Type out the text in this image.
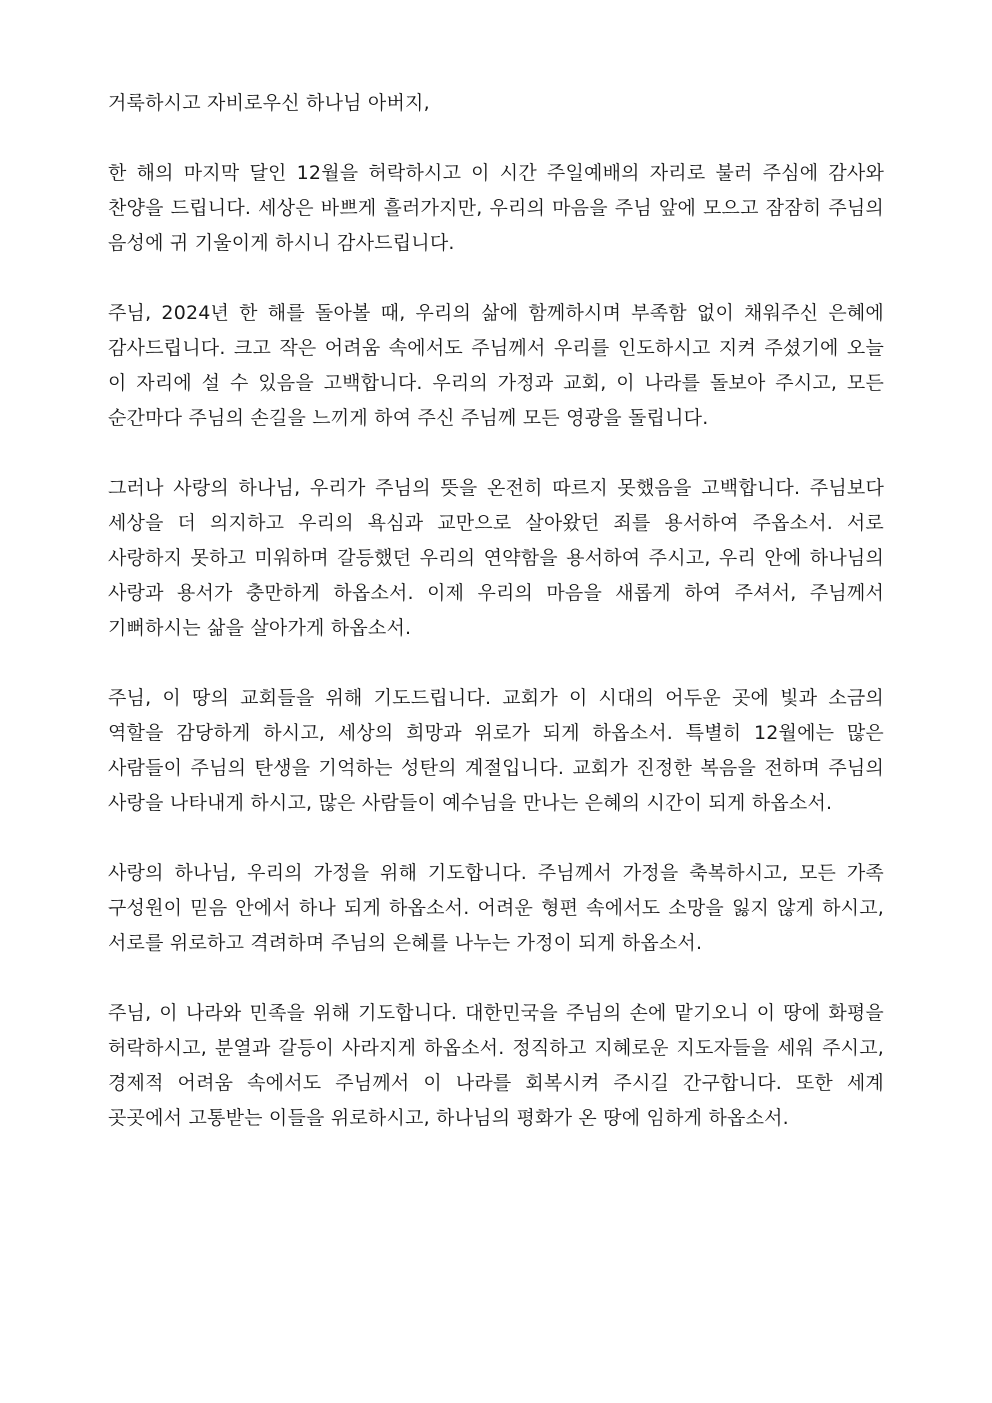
거룩하시고 자비로우신 하나님 아버지,

한 해의 마지막 달인 12월을 허락하시고 이 시간 주일예배의 자리로 불러 주심에 감사와 찬양을 드립니다. 세상은 바쁘게 흘러가지만, 우리의 마음을 주님 앞에 모으고 잠잠히 주님의 음성에 귀 기울이게 하시니 감사드립니다.

주님, 2024년 한 해를 돌아볼 때, 우리의 삶에 함께하시며 부족함 없이 채워주신 은혜에 감사드립니다. 크고 작은 어려움 속에서도 주님께서 우리를 인도하시고 지켜 주셨기에 오늘 이 자리에 설 수 있음을 고백합니다. 우리의 가정과 교회, 이 나라를 돌보아 주시고, 모든 순간마다 주님의 손길을 느끼게 하여 주신 주님께 모든 영광을 돌립니다.

그러나 사랑의 하나님, 우리가 주님의 뜻을 온전히 따르지 못했음을 고백합니다. 주님보다 세상을 더 의지하고 우리의 욕심과 교만으로 살아왔던 죄를 용서하여 주옵소서. 서로 사랑하지 못하고 미워하며 갈등했던 우리의 연약함을 용서하여 주시고, 우리 안에 하나님의 사랑과 용서가 충만하게 하옵소서. 이제 우리의 마음을 새롭게 하여 주셔서, 주님께서 기뻐하시는 삶을 살아가게 하옵소서.

주님, 이 땅의 교회들을 위해 기도드립니다. 교회가 이 시대의 어두운 곳에 빛과 소금의 역할을 감당하게 하시고, 세상의 희망과 위로가 되게 하옵소서. 특별히 12월에는 많은 사람들이 주님의 탄생을 기억하는 성탄의 계절입니다. 교회가 진정한 복음을 전하며 주님의 사랑을 나타내게 하시고, 많은 사람들이 예수님을 만나는 은혜의 시간이 되게 하옵소서.

사랑의 하나님, 우리의 가정을 위해 기도합니다. 주님께서 가정을 축복하시고, 모든 가족 구성원이 믿음 안에서 하나 되게 하옵소서. 어려운 형편 속에서도 소망을 잃지 않게 하시고, 서로를 위로하고 격려하며 주님의 은혜를 나누는 가정이 되게 하옵소서.

주님, 이 나라와 민족을 위해 기도합니다. 대한민국을 주님의 손에 맡기오니 이 땅에 화평을 허락하시고, 분열과 갈등이 사라지게 하옵소서. 정직하고 지혜로운 지도자들을 세워 주시고, 경제적 어려움 속에서도 주님께서 이 나라를 회복시켜 주시길 간구합니다. 또한 세계 곳곳에서 고통받는 이들을 위로하시고, 하나님의 평화가 온 땅에 임하게 하옵소서.
